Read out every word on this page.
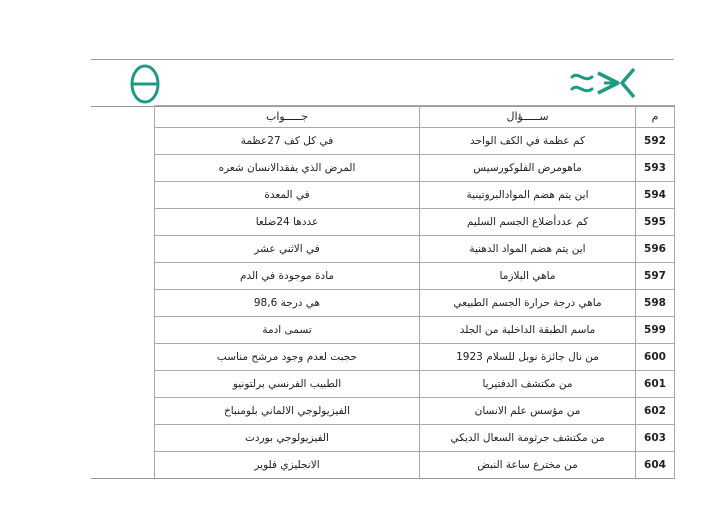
جـــــواب	ســـــؤال	م
في كل كف 27عظمة	كم عظمة في الكف الواحد	592
المرض الذي يفقدالانسان شعره	ماهومرض الفلوكورسيس	593
في المعدة	اين يتم هضم الموادالبروتينية	594
عددها 24ضلعا	كم عددأضلاع الجسم السليم	595
في الاثني عشر	اين يتم هضم المواد الدهنية	596
مادة موجودة في الدم	ماهي البلازما	597
هي درجة 98,6	ماهي درجة حرارة الجسم الطبيعي	598
تسمى ادمة	ماسم الطبقة الداخلية من الجلد	599
حجبت لعدم وجود مرشح مناسب	من نال جائزة نوبل للسلام 1923	600
الطبيب الفرنسي برلتونيو	من مكتشف الدفتيريا	601
الفيزيولوجي الالماني بلومنباخ	من مؤسس علم الانسان	602
الفيزيولوجي بوردت	من مكتشف جرثومة السعال الديكي	603
الانجليزي فلوير	من مخترع ساعة النبض	604
